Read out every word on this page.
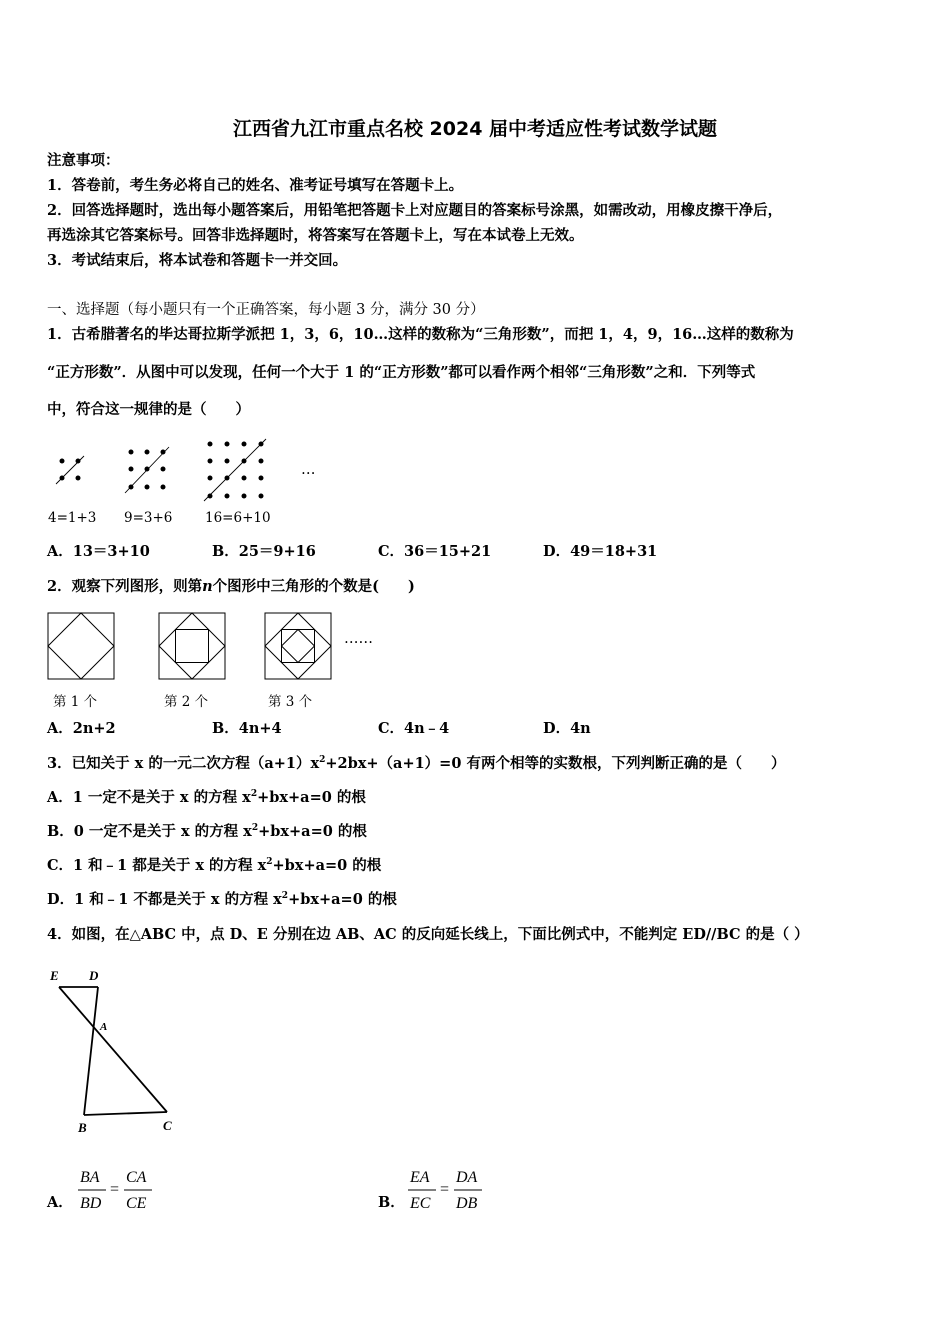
江西省九江市重点名校 2024 届中考适应性考试数学试题
注意事项：
1．答卷前，考生务必将自己的姓名、准考证号填写在答题卡上。
2．回答选择题时，选出每小题答案后，用铅笔把答题卡上对应题目的答案标号涂黑，如需改动，用橡皮擦干净后，
再选涂其它答案标号。回答非选择题时，将答案写在答题卡上，写在本试卷上无效。
3．考试结束后，将本试卷和答题卡一并交回。
一、选择题（每小题只有一个正确答案，每小题 3 分，满分 30 分）
1．古希腊著名的毕达哥拉斯学派把 1，3，6，10…这样的数称为“三角形数”，而把 1，4，9，16…这样的数称为
“正方形数”．从图中可以发现，任何一个大于 1 的“正方形数”都可以看作两个相邻“三角形数”之和．下列等式
中，符合这一规律的是（　　）
…
4=1+3 9=3+6 16=6+10
A．13＝3+10	B．25＝9+16	C．36＝15+21	D．49＝18+31
2．观察下列图形，则第n个图形中三角形的个数是(　　)
……
第 1 个	第 2 个	第 3 个
A．2n+2	B．4n+4	C．4n﹣4	D．4n
3．已知关于 x 的一元二次方程$(a+1)x^2+2bx+(a+1)=0$ 有两个相等的实数根，下列判断正确的是（　　）
A．1 一定不是关于 x 的方程 $x^2+bx+a=0$ 的根
B．0 一定不是关于 x 的方程 $x^2+bx+a=0$ 的根
C．1 和﹣1 都是关于 x 的方程 $x^2+bx+a=0$ 的根
D．1 和﹣1 不都是关于 x 的方程 $x^2+bx+a=0$ 的根
4．如图，在△ABC 中，点 D、E 分别在边 AB、AC 的反向延长线上，下面比例式中，不能判定 ED//BC 的是（ ）
E D
A
B	C
A．
BA
BD
=
CA
CE	B．
EA
EC
=
DA
DB
